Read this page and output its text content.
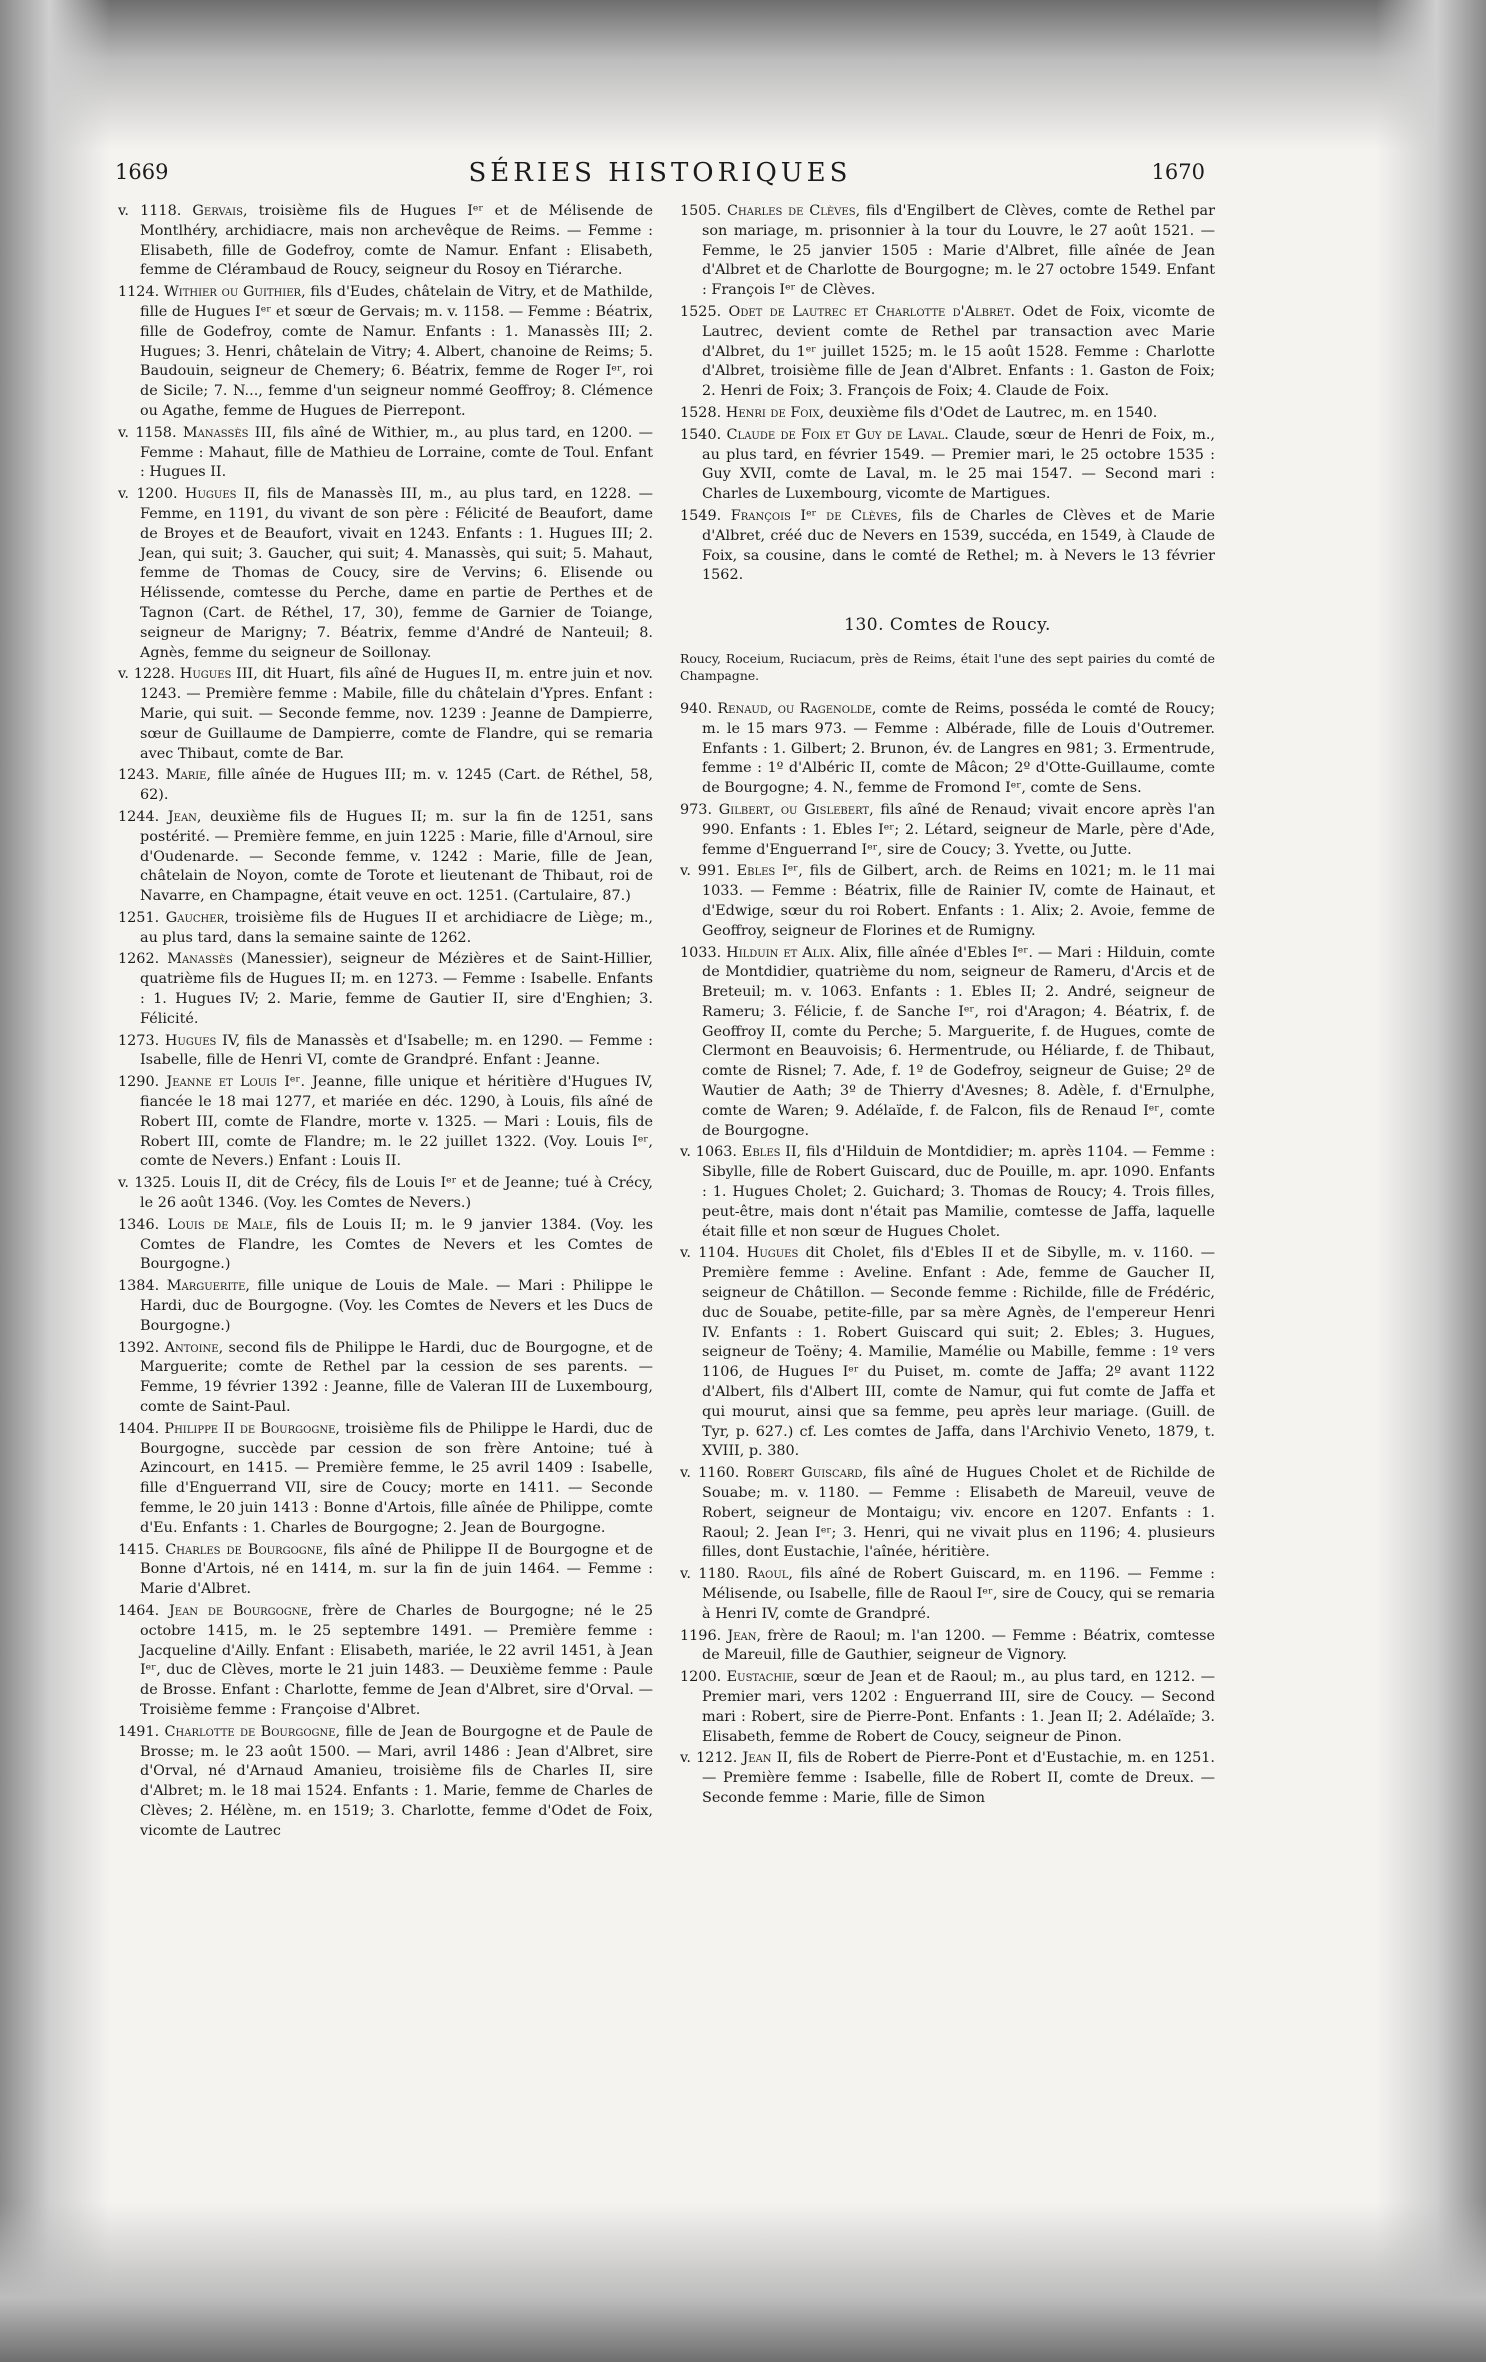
1669	SÉRIES HISTORIQUES	1670

v. 1118. Gervais, troisième fils de Hugues Iᵉʳ et de Mélisende de Montlhéry, archidiacre, mais non archevêque de Reims. — Femme : Elisabeth, fille de Godefroy, comte de Namur. Enfant : Elisabeth, femme de Clérambaud de Roucy, seigneur du Rosoy en Tiérarche.

1124. Withier ou Guithier, fils d'Eudes, châtelain de Vitry, et de Mathilde, fille de Hugues Iᵉʳ et sœur de Gervais; m. v. 1158. — Femme : Béatrix, fille de Godefroy, comte de Namur. Enfants : 1. Manassès III; 2. Hugues; 3. Henri, châtelain de Vitry; 4. Albert, chanoine de Reims; 5. Baudouin, seigneur de Chemery; 6. Béatrix, femme de Roger Iᵉʳ, roi de Sicile; 7. N..., femme d'un seigneur nommé Geoffroy; 8. Clémence ou Agathe, femme de Hugues de Pierrepont.

v. 1158. Manassès III, fils aîné de Withier, m., au plus tard, en 1200. — Femme : Mahaut, fille de Mathieu de Lorraine, comte de Toul. Enfant : Hugues II.

v. 1200. Hugues II, fils de Manassès III, m., au plus tard, en 1228. — Femme, en 1191, du vivant de son père : Félicité de Beaufort, dame de Broyes et de Beaufort, vivait en 1243. Enfants : 1. Hugues III; 2. Jean, qui suit; 3. Gaucher, qui suit; 4. Manassès, qui suit; 5. Mahaut, femme de Thomas de Coucy, sire de Vervins; 6. Elisende ou Hélissende, comtesse du Perche, dame en partie de Perthes et de Tagnon (Cart. de Réthel, 17, 30), femme de Garnier de Toiange, seigneur de Marigny; 7. Béatrix, femme d'André de Nanteuil; 8. Agnès, femme du seigneur de Soillonay.

v. 1228. Hugues III, dit Huart, fils aîné de Hugues II, m. entre juin et nov. 1243. — Première femme : Mabile, fille du châtelain d'Ypres. Enfant : Marie, qui suit. — Seconde femme, nov. 1239 : Jeanne de Dampierre, sœur de Guillaume de Dampierre, comte de Flandre, qui se remaria avec Thibaut, comte de Bar.

1243. Marie, fille aînée de Hugues III; m. v. 1245 (Cart. de Réthel, 58, 62).

1244. Jean, deuxième fils de Hugues II; m. sur la fin de 1251, sans postérité. — Première femme, en juin 1225 : Marie, fille d'Arnoul, sire d'Oudenarde. — Seconde femme, v. 1242 : Marie, fille de Jean, châtelain de Noyon, comte de Torote et lieutenant de Thibaut, roi de Navarre, en Champagne, était veuve en oct. 1251. (Cartulaire, 87.)

1251. Gaucher, troisième fils de Hugues II et archidiacre de Liège; m., au plus tard, dans la semaine sainte de 1262.

1262. Manassès (Manessier), seigneur de Mézières et de Saint-Hillier, quatrième fils de Hugues II; m. en 1273. — Femme : Isabelle. Enfants : 1. Hugues IV; 2. Marie, femme de Gautier II, sire d'Enghien; 3. Félicité.

1273. Hugues IV, fils de Manassès et d'Isabelle; m. en 1290. — Femme : Isabelle, fille de Henri VI, comte de Grandpré. Enfant : Jeanne.

1290. Jeanne et Louis Iᵉʳ. Jeanne, fille unique et héritière d'Hugues IV, fiancée le 18 mai 1277, et mariée en déc. 1290, à Louis, fils aîné de Robert III, comte de Flandre, morte v. 1325. — Mari : Louis, fils de Robert III, comte de Flandre; m. le 22 juillet 1322. (Voy. Louis Iᵉʳ, comte de Nevers.) Enfant : Louis II.

v. 1325. Louis II, dit de Crécy, fils de Louis Iᵉʳ et de Jeanne; tué à Crécy, le 26 août 1346. (Voy. les Comtes de Nevers.)

1346. Louis de Male, fils de Louis II; m. le 9 janvier 1384. (Voy. les Comtes de Flandre, les Comtes de Nevers et les Comtes de Bourgogne.)

1384. Marguerite, fille unique de Louis de Male. — Mari : Philippe le Hardi, duc de Bourgogne. (Voy. les Comtes de Nevers et les Ducs de Bourgogne.)

1392. Antoine, second fils de Philippe le Hardi, duc de Bourgogne, et de Marguerite; comte de Rethel par la cession de ses parents. — Femme, 19 février 1392 : Jeanne, fille de Valeran III de Luxembourg, comte de Saint-Paul.

1404. Philippe II de Bourgogne, troisième fils de Philippe le Hardi, duc de Bourgogne, succède par cession de son frère Antoine; tué à Azincourt, en 1415. — Première femme, le 25 avril 1409 : Isabelle, fille d'Enguerrand VII, sire de Coucy; morte en 1411. — Seconde femme, le 20 juin 1413 : Bonne d'Artois, fille aînée de Philippe, comte d'Eu. Enfants : 1. Charles de Bourgogne; 2. Jean de Bourgogne.

1415. Charles de Bourgogne, fils aîné de Philippe II de Bourgogne et de Bonne d'Artois, né en 1414, m. sur la fin de juin 1464. — Femme : Marie d'Albret.

1464. Jean de Bourgogne, frère de Charles de Bourgogne; né le 25 octobre 1415, m. le 25 septembre 1491. — Première femme : Jacqueline d'Ailly. Enfant : Elisabeth, mariée, le 22 avril 1451, à Jean Iᵉʳ, duc de Clèves, morte le 21 juin 1483. — Deuxième femme : Paule de Brosse. Enfant : Charlotte, femme de Jean d'Albret, sire d'Orval. — Troisième femme : Françoise d'Albret.

1491. Charlotte de Bourgogne, fille de Jean de Bourgogne et de Paule de Brosse; m. le 23 août 1500. — Mari, avril 1486 : Jean d'Albret, sire d'Orval, né d'Arnaud Amanieu, troisième fils de Charles II, sire d'Albret; m. le 18 mai 1524. Enfants : 1. Marie, femme de Charles de Clèves; 2. Hélène, m. en 1519; 3. Charlotte, femme d'Odet de Foix, vicomte de Lautrec

1505. Charles de Clèves, fils d'Engilbert de Clèves, comte de Rethel par son mariage, m. prisonnier à la tour du Louvre, le 27 août 1521. — Femme, le 25 janvier 1505 : Marie d'Albret, fille aînée de Jean d'Albret et de Charlotte de Bourgogne; m. le 27 octobre 1549. Enfant : François Iᵉʳ de Clèves.

1525. Odet de Lautrec et Charlotte d'Albret. Odet de Foix, vicomte de Lautrec, devient comte de Rethel par transaction avec Marie d'Albret, du 1ᵉʳ juillet 1525; m. le 15 août 1528. Femme : Charlotte d'Albret, troisième fille de Jean d'Albret. Enfants : 1. Gaston de Foix; 2. Henri de Foix; 3. François de Foix; 4. Claude de Foix.

1528. Henri de Foix, deuxième fils d'Odet de Lautrec, m. en 1540.

1540. Claude de Foix et Guy de Laval. Claude, sœur de Henri de Foix, m., au plus tard, en février 1549. — Premier mari, le 25 octobre 1535 : Guy XVII, comte de Laval, m. le 25 mai 1547. — Second mari : Charles de Luxembourg, vicomte de Martigues.

1549. François Iᵉʳ de Clèves, fils de Charles de Clèves et de Marie d'Albret, créé duc de Nevers en 1539, succéda, en 1549, à Claude de Foix, sa cousine, dans le comté de Rethel; m. à Nevers le 13 février 1562.

130. Comtes de Roucy.

Roucy, Roceium, Ruciacum, près de Reims, était l'une des sept pairies du comté de Champagne.

940. Renaud, ou Ragenolde, comte de Reims, posséda le comté de Roucy; m. le 15 mars 973. — Femme : Albérade, fille de Louis d'Outremer. Enfants : 1. Gilbert; 2. Brunon, év. de Langres en 981; 3. Ermentrude, femme : 1º d'Albéric II, comte de Mâcon; 2º d'Otte-Guillaume, comte de Bourgogne; 4. N., femme de Fromond Iᵉʳ, comte de Sens.

973. Gilbert, ou Gislebert, fils aîné de Renaud; vivait encore après l'an 990. Enfants : 1. Ebles Iᵉʳ; 2. Létard, seigneur de Marle, père d'Ade, femme d'Enguerrand Iᵉʳ, sire de Coucy; 3. Yvette, ou Jutte.

v. 991. Ebles Iᵉʳ, fils de Gilbert, arch. de Reims en 1021; m. le 11 mai 1033. — Femme : Béatrix, fille de Rainier IV, comte de Hainaut, et d'Edwige, sœur du roi Robert. Enfants : 1. Alix; 2. Avoie, femme de Geoffroy, seigneur de Florines et de Rumigny.

1033. Hilduin et Alix. Alix, fille aînée d'Ebles Iᵉʳ. — Mari : Hilduin, comte de Montdidier, quatrième du nom, seigneur de Rameru, d'Arcis et de Breteuil; m. v. 1063. Enfants : 1. Ebles II; 2. André, seigneur de Rameru; 3. Félicie, f. de Sanche Iᵉʳ, roi d'Aragon; 4. Béatrix, f. de Geoffroy II, comte du Perche; 5. Marguerite, f. de Hugues, comte de Clermont en Beauvoisis; 6. Hermentrude, ou Héliarde, f. de Thibaut, comte de Risnel; 7. Ade, f. 1º de Godefroy, seigneur de Guise; 2º de Wautier de Aath; 3º de Thierry d'Avesnes; 8. Adèle, f. d'Ernulphe, comte de Waren; 9. Adélaïde, f. de Falcon, fils de Renaud Iᵉʳ, comte de Bourgogne.

v. 1063. Ebles II, fils d'Hilduin de Montdidier; m. après 1104. — Femme : Sibylle, fille de Robert Guiscard, duc de Pouille, m. apr. 1090. Enfants : 1. Hugues Cholet; 2. Guichard; 3. Thomas de Roucy; 4. Trois filles, peut-être, mais dont n'était pas Mamilie, comtesse de Jaffa, laquelle était fille et non sœur de Hugues Cholet.

v. 1104. Hugues dit Cholet, fils d'Ebles II et de Sibylle, m. v. 1160. — Première femme : Aveline. Enfant : Ade, femme de Gaucher II, seigneur de Châtillon. — Seconde femme : Richilde, fille de Frédéric, duc de Souabe, petite-fille, par sa mère Agnès, de l'empereur Henri IV. Enfants : 1. Robert Guiscard qui suit; 2. Ebles; 3. Hugues, seigneur de Toëny; 4. Mamilie, Mamélie ou Mabille, femme : 1º vers 1106, de Hugues Iᵉʳ du Puiset, m. comte de Jaffa; 2º avant 1122 d'Albert, fils d'Albert III, comte de Namur, qui fut comte de Jaffa et qui mourut, ainsi que sa femme, peu après leur mariage. (Guill. de Tyr, p. 627.) cf. Les comtes de Jaffa, dans l'Archivio Veneto, 1879, t. XVIII, p. 380.

v. 1160. Robert Guiscard, fils aîné de Hugues Cholet et de Richilde de Souabe; m. v. 1180. — Femme : Elisabeth de Mareuil, veuve de Robert, seigneur de Montaigu; viv. encore en 1207. Enfants : 1. Raoul; 2. Jean Iᵉʳ; 3. Henri, qui ne vivait plus en 1196; 4. plusieurs filles, dont Eustachie, l'aînée, héritière.

v. 1180. Raoul, fils aîné de Robert Guiscard, m. en 1196. — Femme : Mélisende, ou Isabelle, fille de Raoul Iᵉʳ, sire de Coucy, qui se remaria à Henri IV, comte de Grandpré.

1196. Jean, frère de Raoul; m. l'an 1200. — Femme : Béatrix, comtesse de Mareuil, fille de Gauthier, seigneur de Vignory.

1200. Eustachie, sœur de Jean et de Raoul; m., au plus tard, en 1212. — Premier mari, vers 1202 : Enguerrand III, sire de Coucy. — Second mari : Robert, sire de Pierre-Pont. Enfants : 1. Jean II; 2. Adélaïde; 3. Elisabeth, femme de Robert de Coucy, seigneur de Pinon.

v. 1212. Jean II, fils de Robert de Pierre-Pont et d'Eustachie, m. en 1251. — Première femme : Isabelle, fille de Robert II, comte de Dreux. — Seconde femme : Marie, fille de Simon
